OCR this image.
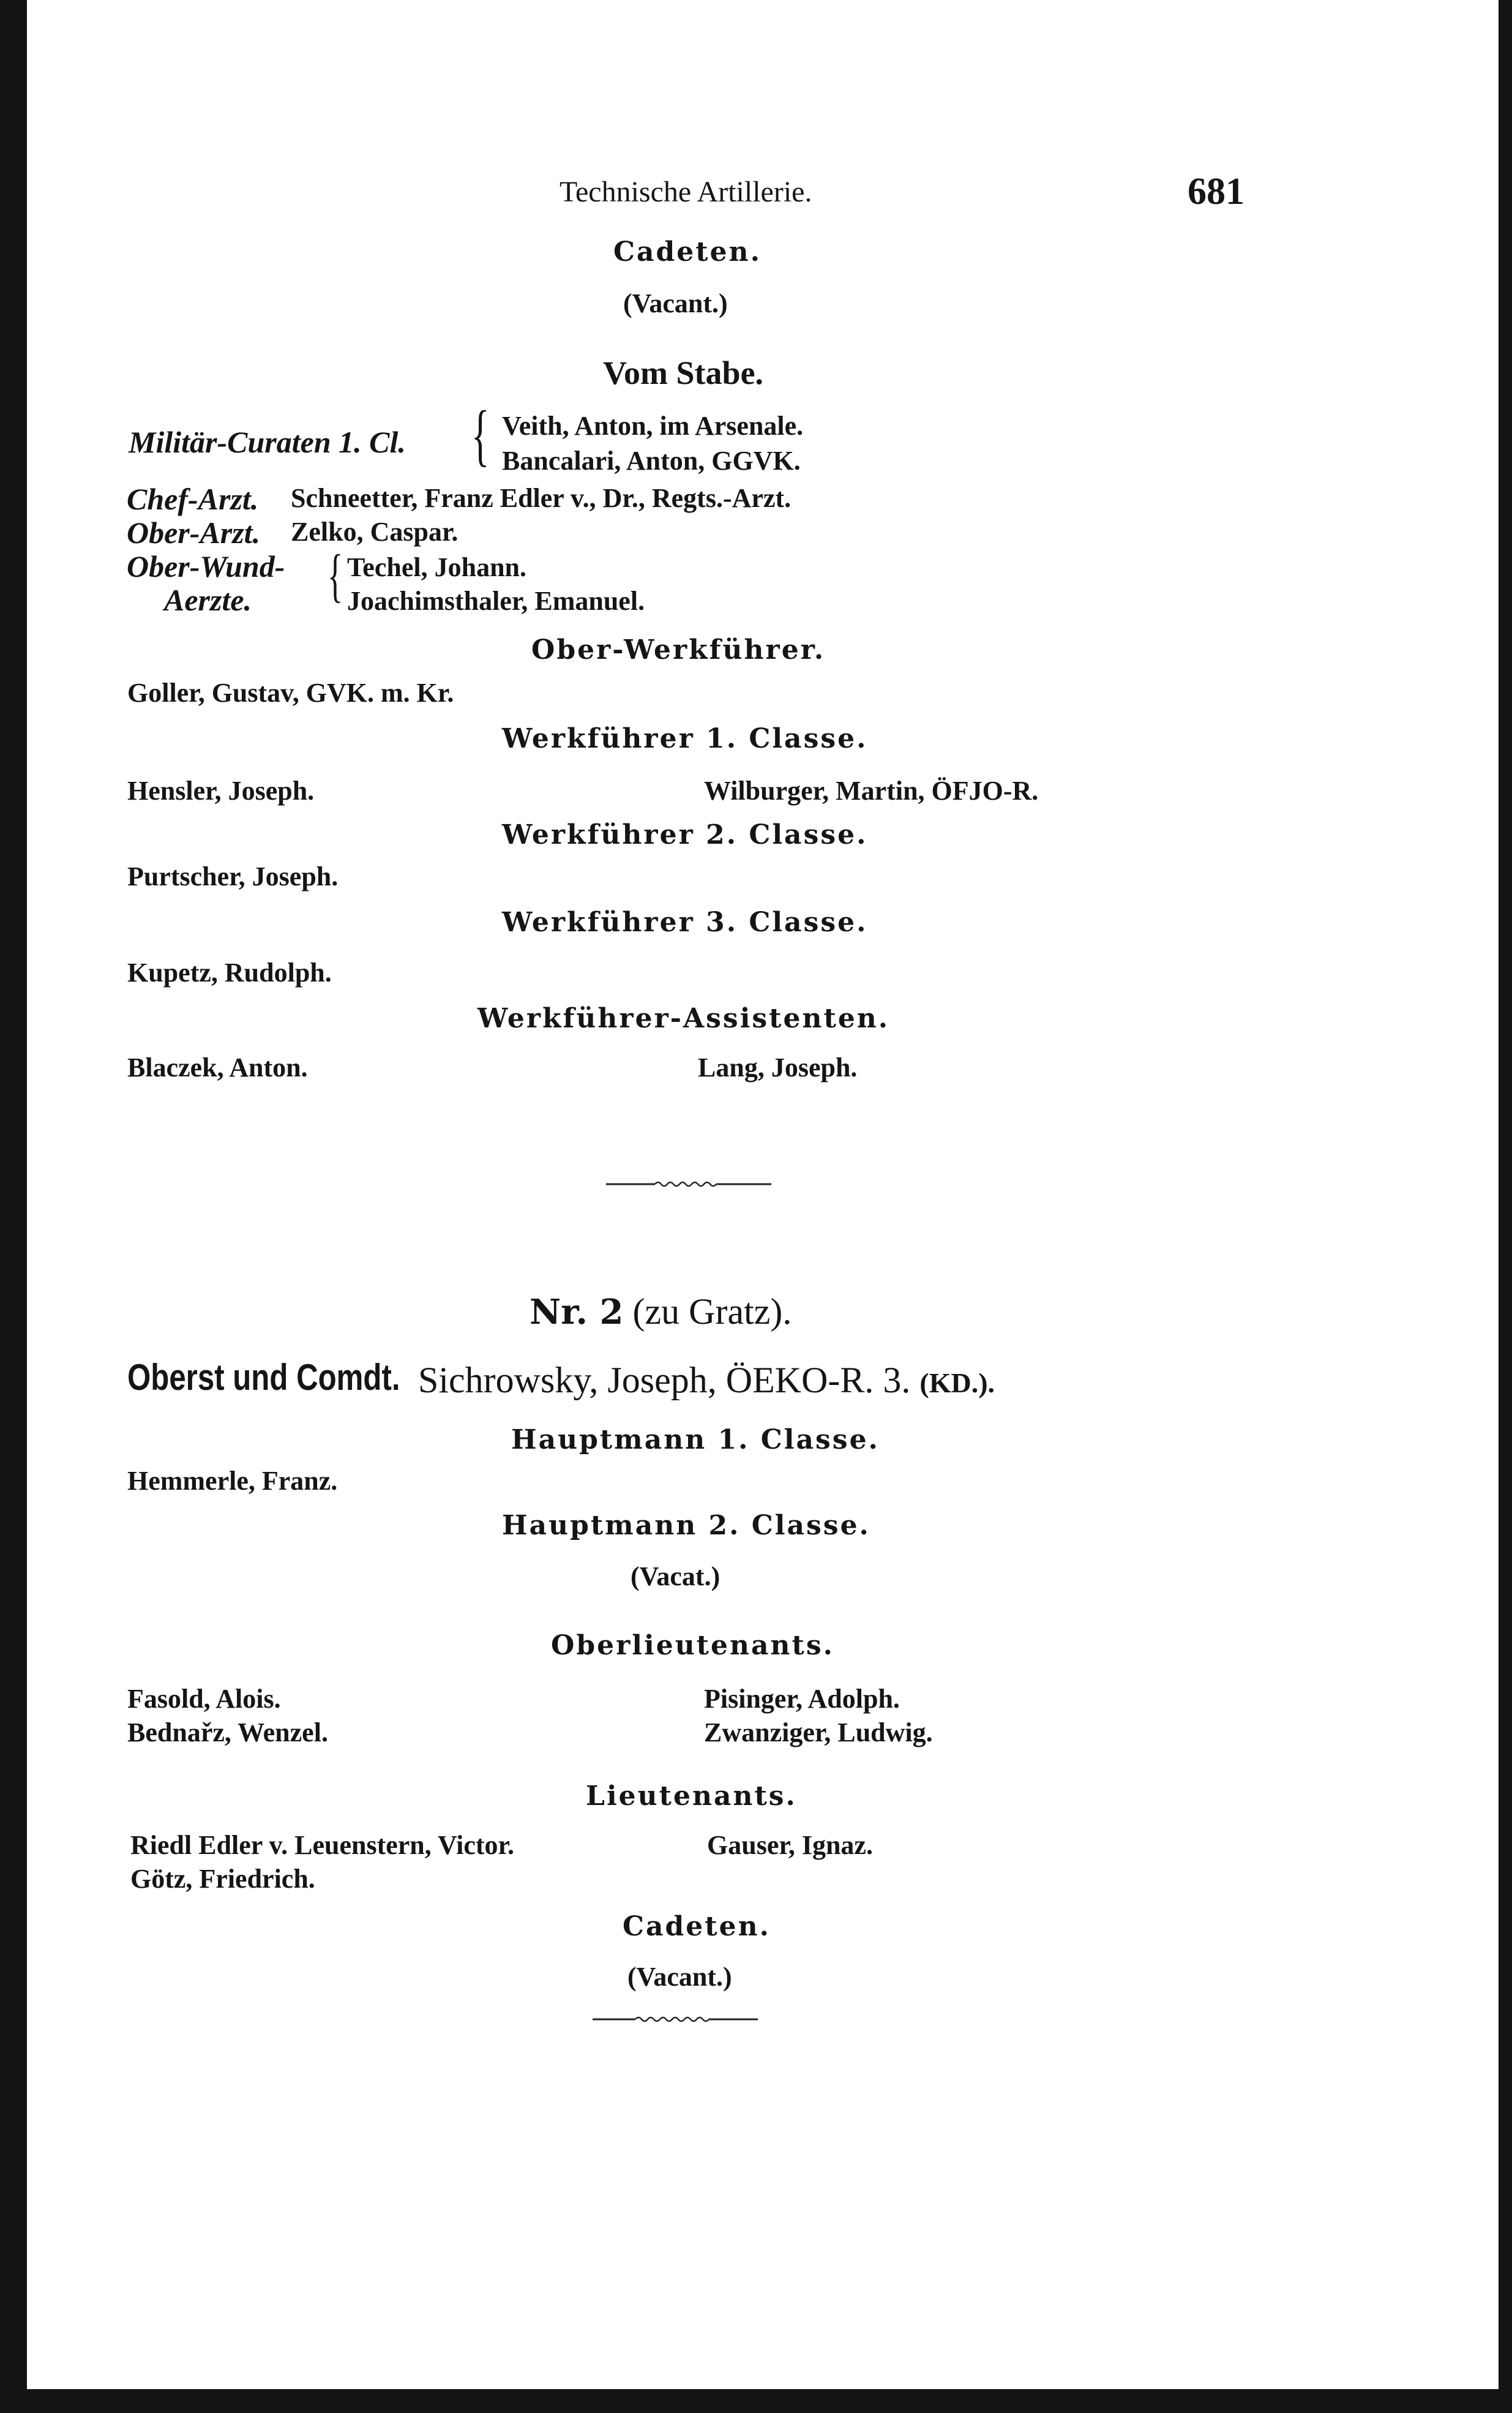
Technische Artillerie.	681
Cadeten.
(Vacant.)
Vom Stabe.
Militär-Curaten 1. Cl. { Veith, Anton, im Arsenale.
Bancalari, Anton, GGVK.
Chef-Arzt. Schneetter, Franz Edler v., Dr., Regts.-Arzt.
Ober-Arzt. Zelko, Caspar.
Ober-Wund-
Aerzte. { Techel, Johann.
Joachimsthaler, Emanuel.
Ober-Werkführer.
Goller, Gustav, GVK. m. Kr.
Werkführer 1. Classe.
Hensler, Joseph.	Wilburger, Martin, ÖFJO-R.
Werkführer 2. Classe.
Purtscher, Joseph.
Werkführer 3. Classe.
Kupetz, Rudolph.
Werkführer-Assistenten.
Blaczek, Anton.	Lang, Joseph.
Nr. 2 (zu Gratz).
Oberst und Comdt. Sichrowsky, Joseph, ÖEKO-R. 3. (KD.).
Hauptmann 1. Classe.
Hemmerle, Franz.
Hauptmann 2. Classe.
(Vacat.)
Oberlieutenants.
Fasold, Alois.	Pisinger, Adolph.
Bednařz, Wenzel.	Zwanziger, Ludwig.
Lieutenants.
Riedl Edler v. Leuenstern, Victor.	Gauser, Ignaz.
Götz, Friedrich.
Cadeten.
(Vacant.)
